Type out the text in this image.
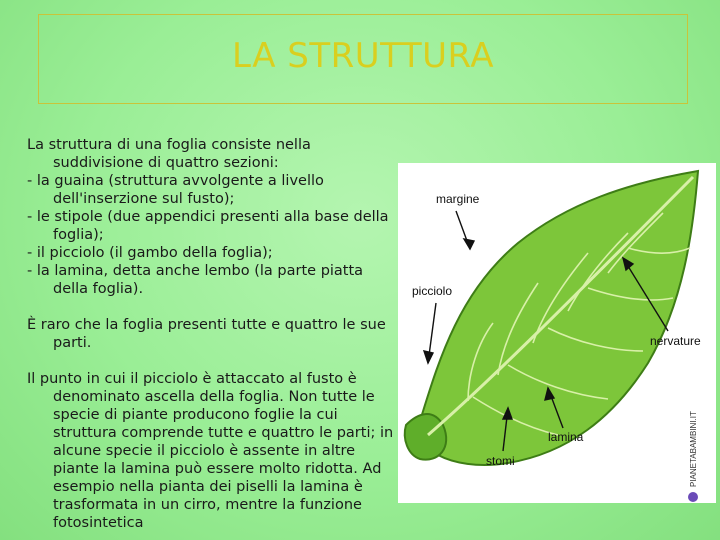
LA STRUTTURA

La struttura di una foglia consiste nella suddivisione di quattro sezioni:
- la guaina (struttura avvolgente a livello dell'inserzione sul fusto);
- le stipole (due appendici presenti alla base della foglia);
- il picciolo (il gambo della foglia);
- la lamina, detta anche lembo (la parte piatta della foglia).

È raro che la foglia presenti tutte e quattro le sue parti.

Il punto in cui il picciolo è attaccato al fusto è denominato ascella della foglia. Non tutte le specie di piante producono foglie la cui struttura comprende tutte e quattro le parti; in alcune specie il picciolo è assente in altre piante la lamina può essere molto ridotta. Ad esempio nella pianta dei piselli la lamina è trasformata in un cirro, mentre la funzione fotosintetica

margine
picciolo
nervature
lamina
stomi	PIANETABAMBINI.IT
